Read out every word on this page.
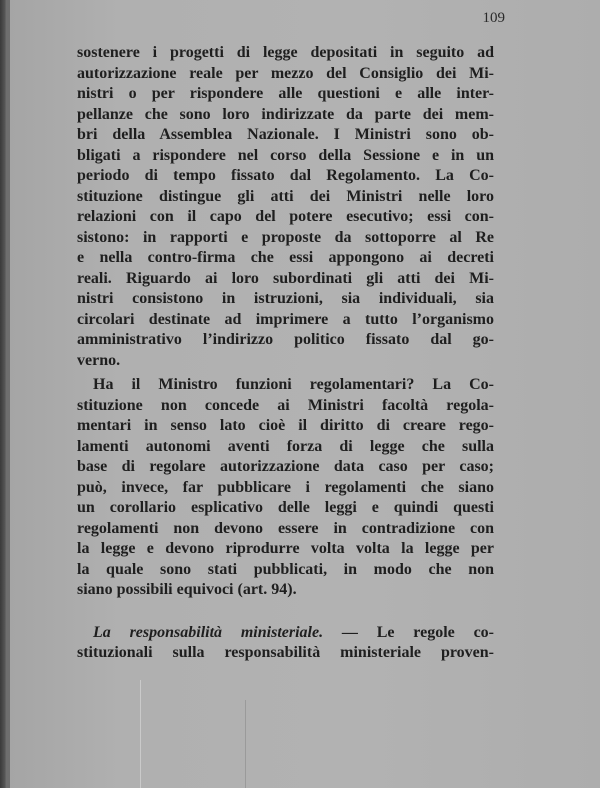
109
sostenere i progetti di legge depositati in seguito ad
autorizzazione reale per mezzo del Consiglio dei Mi-
nistri o per rispondere alle questioni e alle inter-
pellanze che sono loro indirizzate da parte dei mem-
bri della Assemblea Nazionale. I Ministri sono ob-
bligati a rispondere nel corso della Sessione e in un
periodo di tempo fissato dal Regolamento. La Co-
stituzione distingue gli atti dei Ministri nelle loro
relazioni con il capo del potere esecutivo; essi con-
sistono: in rapporti e proposte da sottoporre al Re
e nella contro-firma che essi appongono ai decreti
reali. Riguardo ai loro subordinati gli atti dei Mi-
nistri consistono in istruzioni, sia individuali, sia
circolari destinate ad imprimere a tutto l’organismo
amministrativo l’indirizzo politico fissato dal go-
verno.
Ha il Ministro funzioni regolamentari? La Co-
stituzione non concede ai Ministri facoltà regola-
mentari in senso lato cioè il diritto di creare rego-
lamenti autonomi aventi forza di legge che sulla
base di regolare autorizzazione data caso per caso;
può, invece, far pubblicare i regolamenti che siano
un corollario esplicativo delle leggi e quindi questi
regolamenti non devono essere in contradizione con
la legge e devono riprodurre volta volta la legge per
la quale sono stati pubblicati, in modo che non
siano possibili equivoci (art. 94).
La responsabilità ministeriale. — Le regole co-
stituzionali sulla responsabilità ministeriale proven-
